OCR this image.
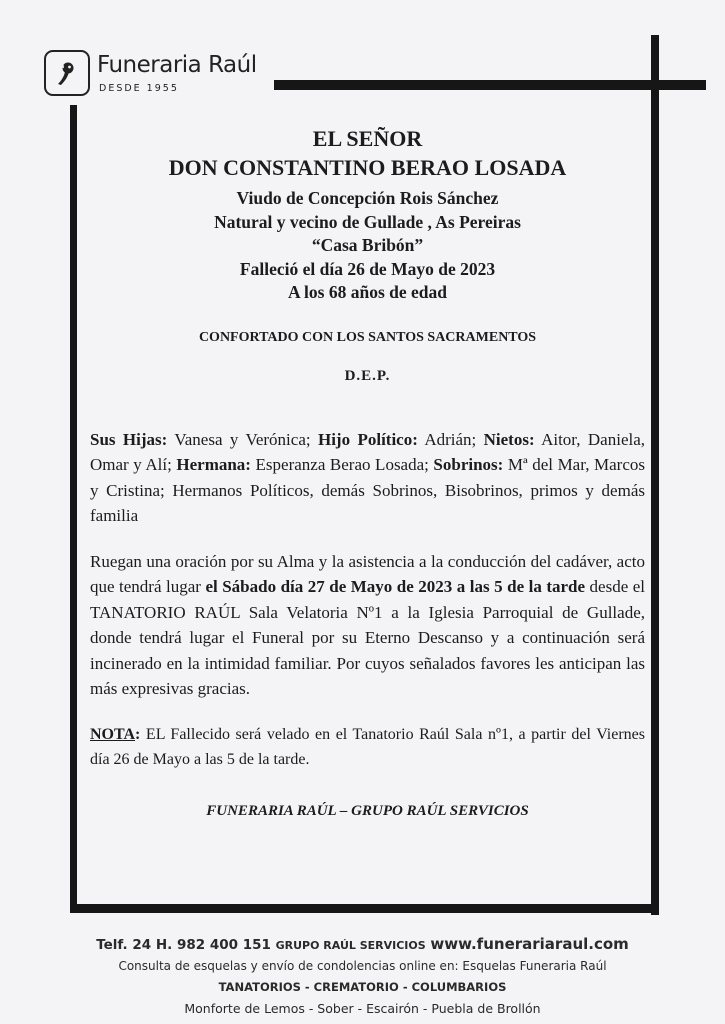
Funeraria Raúl
DESDE 1955
EL SEÑOR
DON CONSTANTINO BERAO LOSADA
Viudo de Concepción Rois Sánchez
Natural y vecino de Gullade , As Pereiras
“Casa Bribón”
Falleció el día 26 de Mayo de 2023
A los 68 años de edad
CONFORTADO CON LOS SANTOS SACRAMENTOS
D.E.P.
Sus Hijas: Vanesa y Verónica; Hijo Político: Adrián; Nietos: Aitor, Daniela, Omar y Alí; Hermana: Esperanza Berao Losada; Sobrinos: Mª del Mar, Marcos y Cristina; Hermanos Políticos, demás Sobrinos, Bisobrinos, primos y demás familia
Ruegan una oración por su Alma y la asistencia a la conducción del cadáver, acto que tendrá lugar el Sábado día 27 de Mayo de 2023 a las 5 de la tarde desde el TANATORIO RAÚL Sala Velatoria Nº1 a la Iglesia Parroquial de Gullade, donde tendrá lugar el Funeral por su Eterno Descanso y a continuación será incinerado en la intimidad familiar. Por cuyos señalados favores les anticipan las más expresivas gracias.
NOTA: EL Fallecido será velado en el Tanatorio Raúl Sala nº1, a partir del Viernes día 26 de Mayo a las 5 de la tarde.
FUNERARIA RAÚL – GRUPO RAÚL SERVICIOS
Telf. 24 H. 982 400 151 GRUPO RAÚL SERVICIOS www.funerariaraul.com
Consulta de esquelas y envío de condolencias online en: Esquelas Funeraria Raúl
TANATORIOS - CREMATORIO - COLUMBARIOS
Monforte de Lemos - Sober - Escairón - Puebla de Brollón
